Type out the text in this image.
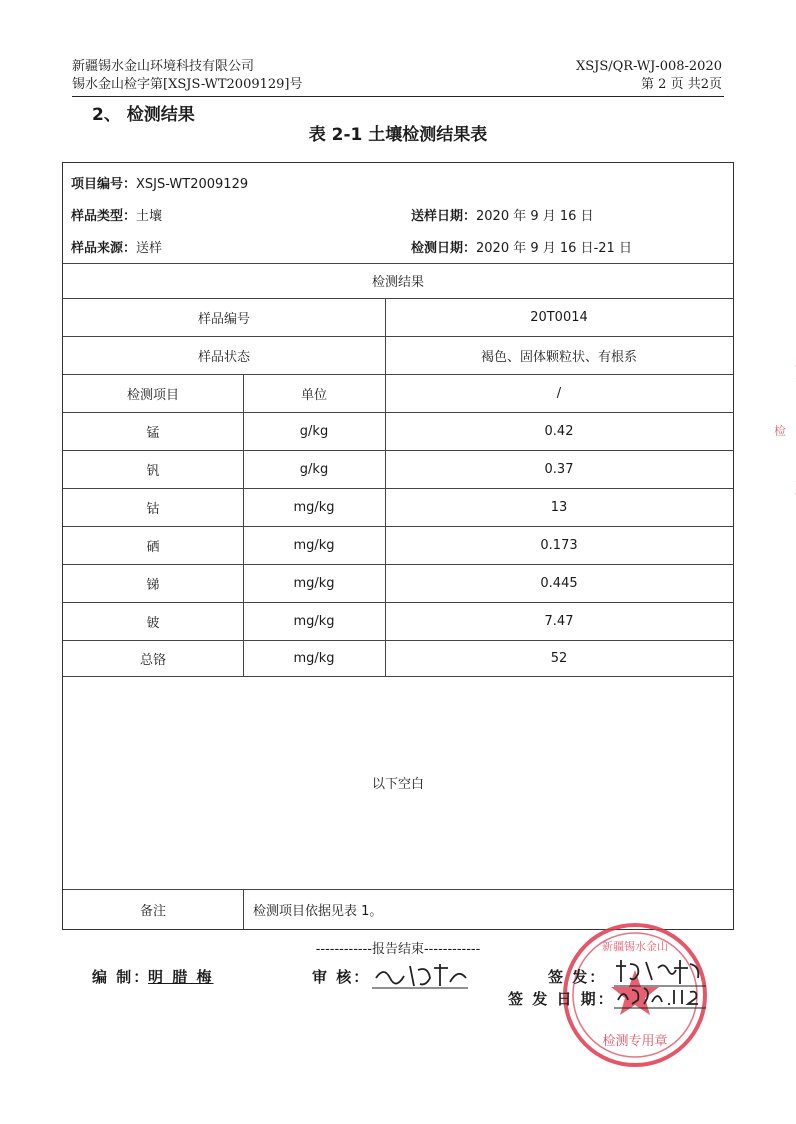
新疆锡水金山环境科技有限公司
锡水金山检字第[XSJS-WT2009129]号
XSJS/QR-WJ-008-2020
第 2 页 共2页
2、 检测结果
表 2-1 土壤检测结果表
检
项目编号：XSJS-WT2009129
样品类型：土壤	送样日期：2020 年 9 月 16 日
样品来源：送样	检测日期：2020 年 9 月 16 日-21 日
检测结果
样品编号	20T0014
样品状态	褐色、固体颗粒状、有根系
检测项目	单位	/
锰	g/kg	0.42
钒	g/kg	0.37
钴	mg/kg	13
硒	mg/kg	0.173
锑	mg/kg	0.445
铍	mg/kg	7.47
总铬	mg/kg	52
以下空白
备注	检测项目依据见表 1。
------------报告结束------------
编 制：
明 腊 梅	审 核：
检测专用章
新疆锡水金山
签 发：
签 发 日 期：
